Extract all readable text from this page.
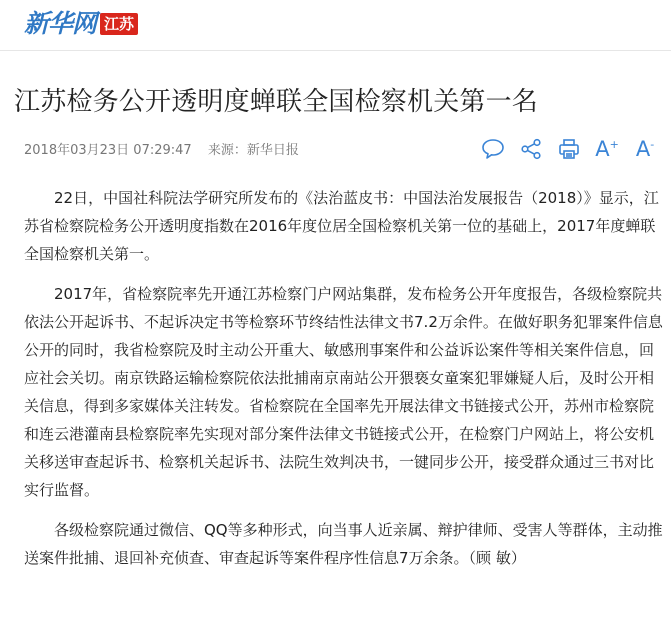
新华网 江苏
江苏检务公开透明度蝉联全国检察机关第一名
2018年03月23日 07:29:47 来源：新华日报	A+ A-

22日，中国社科院法学研究所发布的《法治蓝皮书：中国法治发展报告（2018）》显示，江苏省检察院检务公开透明度指数在2016年度位居全国检察机关第一位的基础上，2017年度蝉联全国检察机关第一。

2017年，省检察院率先开通江苏检察门户网站集群，发布检务公开年度报告，各级检察院共依法公开起诉书、不起诉决定书等检察环节终结性法律文书7.2万余件。在做好职务犯罪案件信息公开的同时，我省检察院及时主动公开重大、敏感刑事案件和公益诉讼案件等相关案件信息，回应社会关切。南京铁路运输检察院依法批捕南京南站公开猥亵女童案犯罪嫌疑人后，及时公开相关信息，得到多家媒体关注转发。省检察院在全国率先开展法律文书链接式公开，苏州市检察院和连云港灌南县检察院率先实现对部分案件法律文书链接式公开，在检察门户网站上，将公安机关移送审查起诉书、检察机关起诉书、法院生效判决书，一键同步公开，接受群众通过三书对比实行监督。

各级检察院通过微信、QQ等多种形式，向当事人近亲属、辩护律师、受害人等群体，主动推送案件批捕、退回补充侦查、审查起诉等案件程序性信息7万余条。（顾 敏）
